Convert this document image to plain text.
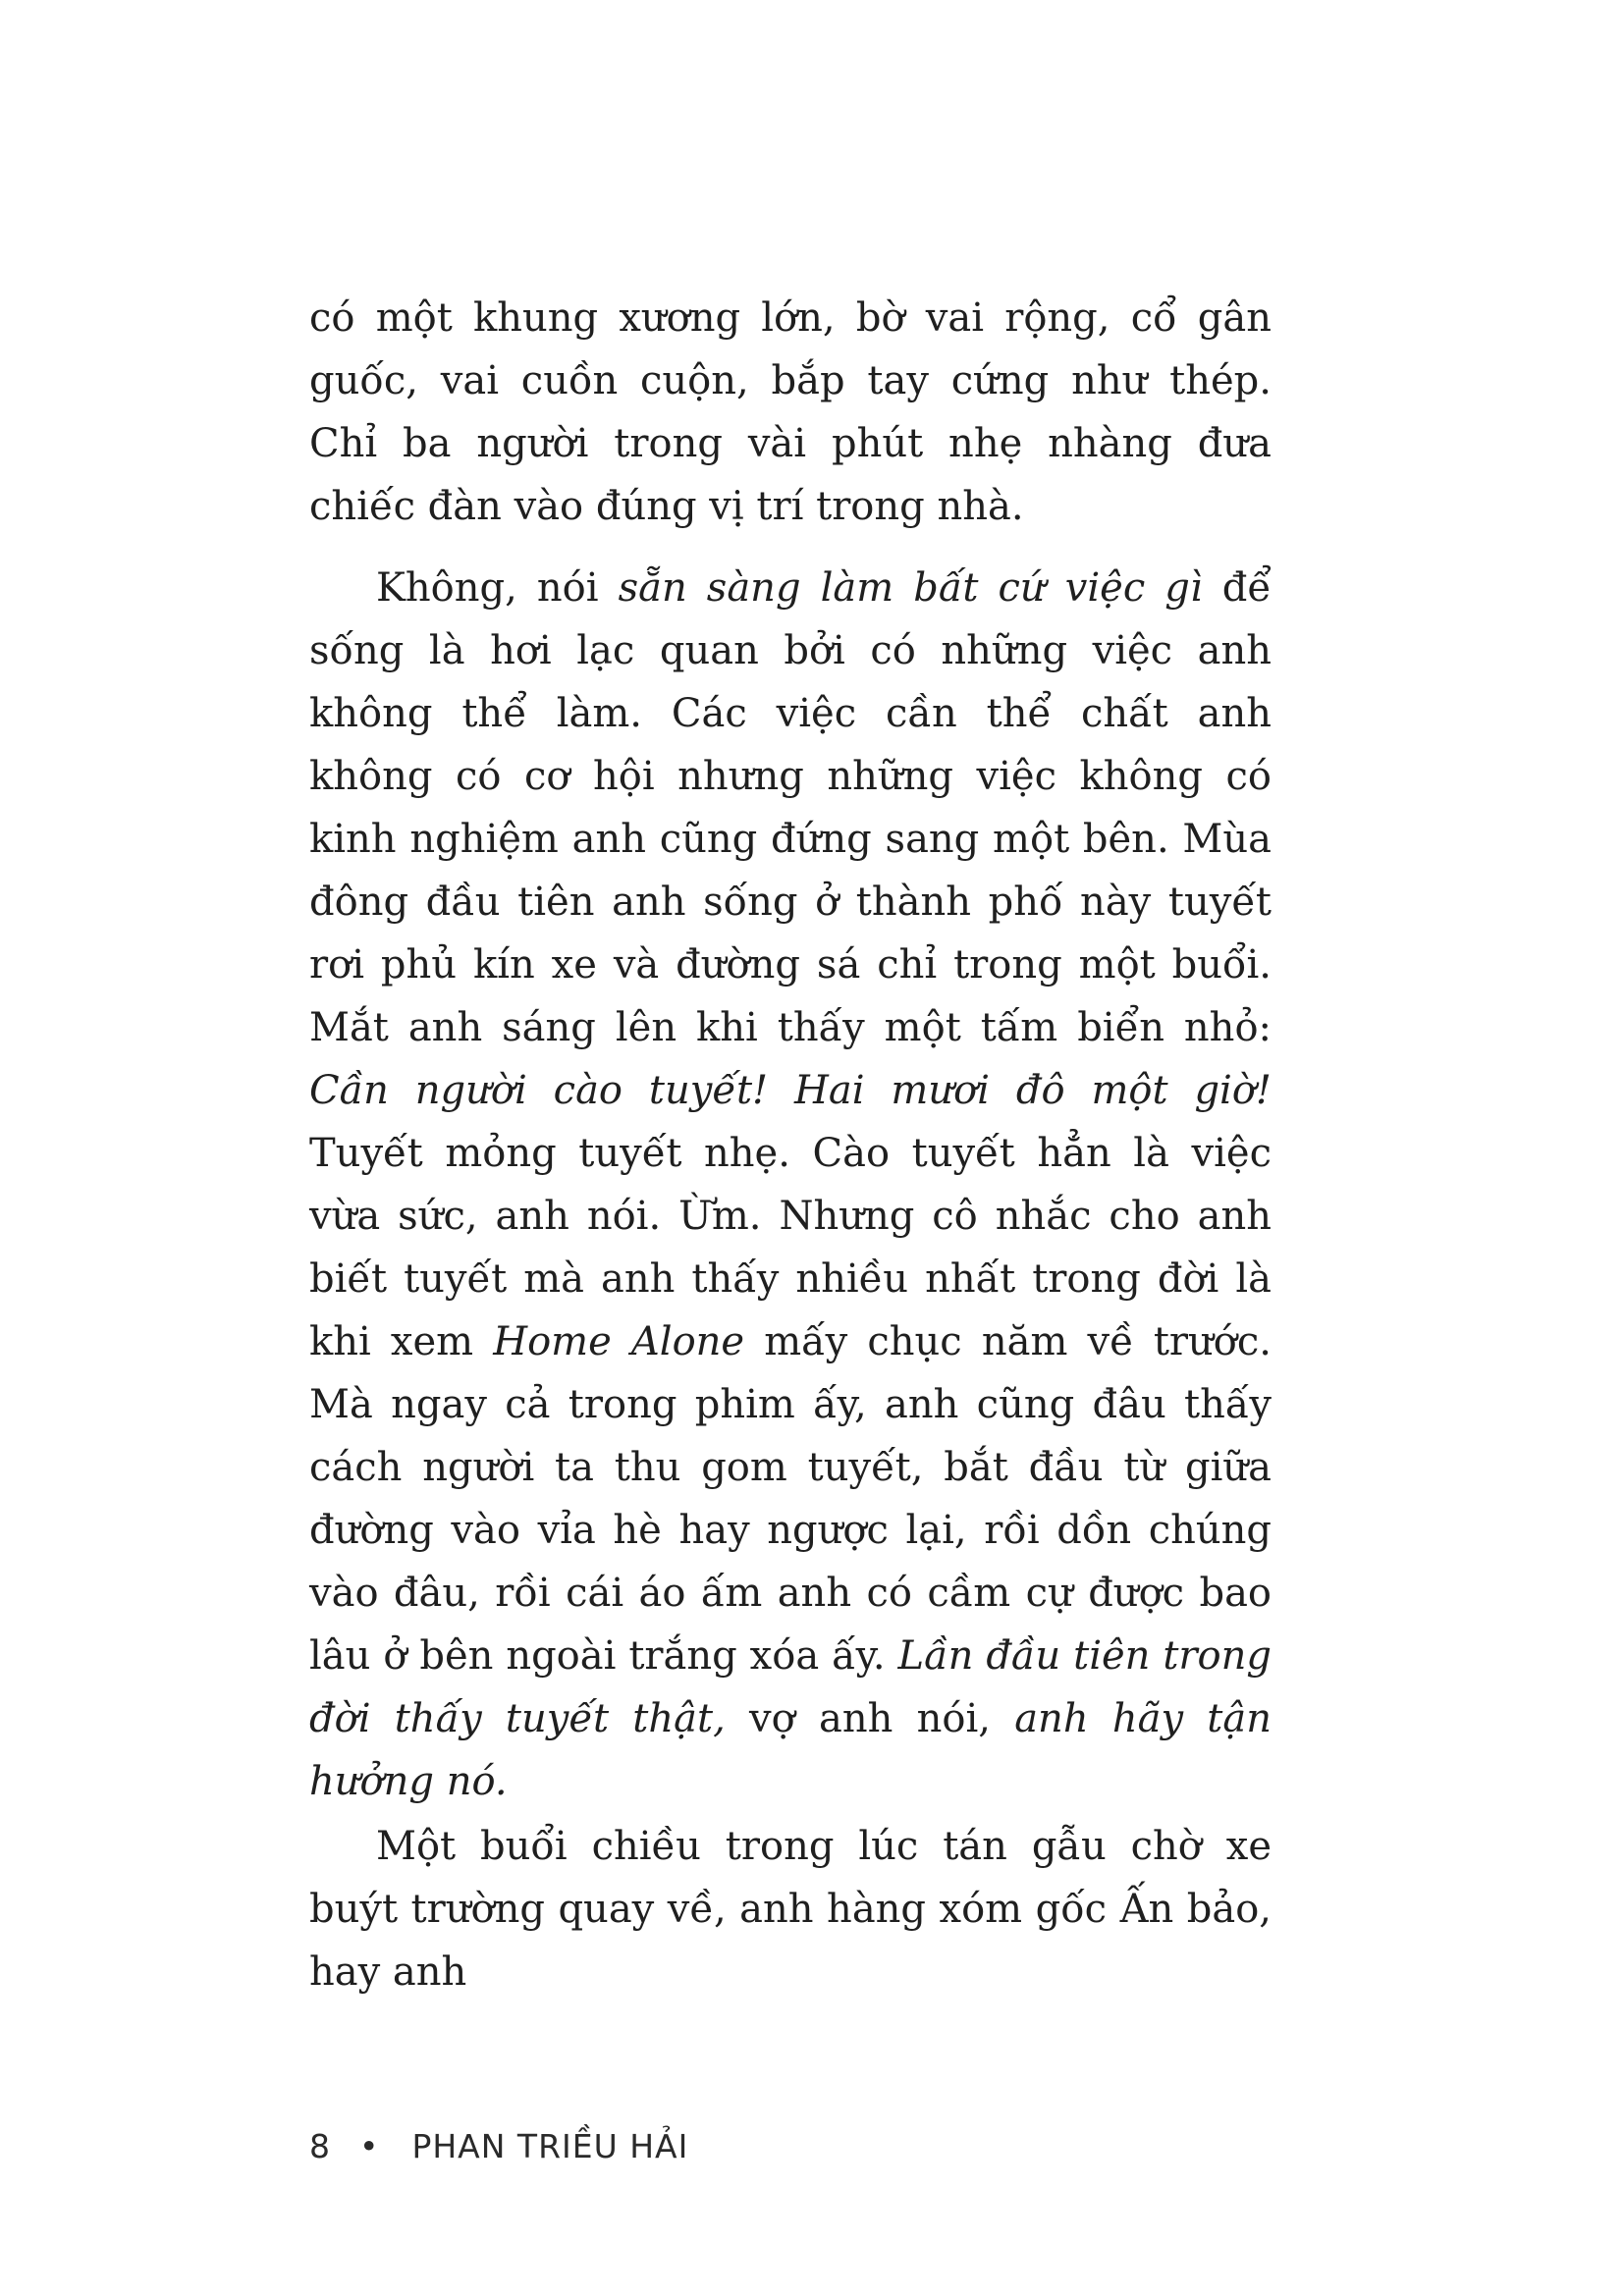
có một khung xương lớn, bờ vai rộng, cổ gân guốc, vai cuồn cuộn, bắp tay cứng như thép. Chỉ ba người trong vài phút nhẹ nhàng đưa chiếc đàn vào đúng vị trí trong nhà.

Không, nói sẵn sàng làm bất cứ việc gì để sống là hơi lạc quan bởi có những việc anh không thể làm. Các việc cần thể chất anh không có cơ hội nhưng những việc không có kinh nghiệm anh cũng đứng sang một bên. Mùa đông đầu tiên anh sống ở thành phố này tuyết rơi phủ kín xe và đường sá chỉ trong một buổi. Mắt anh sáng lên khi thấy một tấm biển nhỏ: Cần người cào tuyết! Hai mươi đô một giờ! Tuyết mỏng tuyết nhẹ. Cào tuyết hẳn là việc vừa sức, anh nói. Ừm. Nhưng cô nhắc cho anh biết tuyết mà anh thấy nhiều nhất trong đời là khi xem Home Alone mấy chục năm về trước. Mà ngay cả trong phim ấy, anh cũng đâu thấy cách người ta thu gom tuyết, bắt đầu từ giữa đường vào vỉa hè hay ngược lại, rồi dồn chúng vào đâu, rồi cái áo ấm anh có cầm cự được bao lâu ở bên ngoài trắng xóa ấy. Lần đầu tiên trong đời thấy tuyết thật, vợ anh nói, anh hãy tận hưởng nó.

Một buổi chiều trong lúc tán gẫu chờ xe buýt trường quay về, anh hàng xóm gốc Ấn bảo, hay anh

8 • PHAN TRIỀU HẢI
